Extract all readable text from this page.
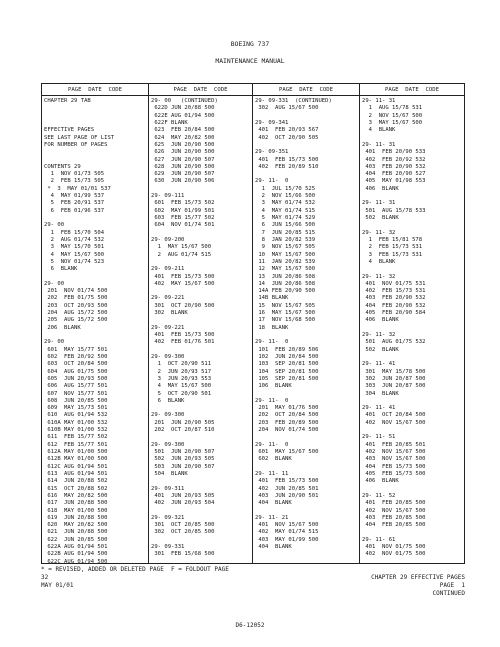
BOEING 737
MAINTENANCE MANUAL
PAGE  DATE  CODE
CHAPTER 29 TAB
EFFECTIVE PAGES
SEE LAST PAGE OF LIST
FOR NUMBER OF PAGES
CONTENTS 29
1  NOV 01/73 505
2  FEB 15/73 505
*  3  MAY 01/01 537
4  MAY 01/99 537
5  FEB 20/91 537
6  FEB 01/96 537
29- 00
1  FEB 15/70 504
2  AUG 01/74 532
3  MAY 15/70 501
4  MAY 15/67 500
5  NOV 01/74 523
6  BLANK
29- 00
201  NOV 01/74 500
202  FEB 01/75 500
203  OCT 20/93 500
204  AUG 15/72 500
205  AUG 15/72 500
206  BLANK
29- 00
601  MAY 15/77 501
602  FEB 20/92 500
603  OCT 20/84 500
604  AUG 01/75 500
605  JUN 20/93 500
606  AUG 15/77 501
607  NOV 15/77 501
608  JUN 20/85 500
609  MAY 15/73 501
610  AUG 01/94 532
610A MAY 01/00 532
610B MAY 01/00 532
611  FEB 15/77 502
612  FEB 15/77 501
612A MAY 01/00 500
612B MAY 01/00 500
612C AUG 01/94 501
613  AUG 01/94 501
614  JUN 20/88 502
615  OCT 20/88 502
616  MAY 20/82 500
617  JUN 20/88 500
618  MAY 01/00 500
619  JUN 20/88 500
620  MAY 20/82 500
621  JUN 20/88 500
622  JUN 20/85 500
622A AUG 01/94 501
622B AUG 01/94 500
622C AUG 01/94 500
PAGE  DATE  CODE
29- 00   (CONTINUED)
622D JUN 20/88 500
622E AUG 01/94 500
622F BLANK
623  FEB 20/84 500
624  MAY 20/82 500
625  JUN 20/90 500
626  JUN 20/90 500
627  JUN 20/90 507
628  JUN 20/90 500
629  JUN 20/90 507
630  JUN 20/90 506
29- 09-111
601  FEB 15/73 502
602  MAY 01/99 501
603  FEB 15/77 502
604  NOV 01/74 501
29- 09-200
1  MAY 15/67 500
2  AUG 01/74 515
29- 09-211
401  FEB 15/73 500
402  MAY 15/67 500
29- 09-221
301  OCT 20/90 500
302  BLANK
29- 09-221
401  FEB 15/73 500
402  FEB 01/76 501
29- 09-300
1  OCT 20/90 511
2  JUN 20/93 517
3  JUN 20/93 553
4  MAY 15/67 500
5  OCT 20/90 501
6  BLANK
29- 09-300
201  JUN 20/90 505
202  OCT 20/87 510
29- 09-300
501  JUN 20/90 507
502  JUN 20/93 505
503  JUN 20/90 507
504  BLANK
29- 09-311
401  JUN 20/93 505
402  JUN 20/93 504
29- 09-321
301  OCT 20/85 500
302  OCT 20/85 500
29- 09-331
301  FEB 15/68 500
PAGE  DATE  CODE
29- 09-331  (CONTINUED)
302  AUG 15/67 500
29- 09-341
401  FEB 20/93 567
402  OCT 20/90 505
29- 09-351
401  FEB 15/73 500
402  FEB 20/89 510
29- 11-  0
1  JUL 15/70 525
2  NOV 15/66 500
3  MAY 01/74 532
4  MAY 01/74 515
5  MAY 01/74 529
6  JUN 15/66 500
7  JUN 20/85 515
8  JAN 20/82 539
9  NOV 15/67 505
10  MAY 15/67 500
11  JAN 20/82 539
12  MAY 15/67 500
13  JUN 20/86 508
14  JUN 20/86 508
14A FEB 20/90 500
14B BLANK
15  NOV 15/67 505
16  MAY 15/67 500
17  NOV 15/68 500
18  BLANK
29- 11-  0
101  FEB 20/89 506
102  JUN 20/84 500
103  SEP 20/81 500
104  SEP 20/81 500
105  SEP 20/81 500
106  BLANK
29- 11-  0
201  MAY 01/76 500
202  OCT 20/84 500
203  FEB 20/89 500
204  NOV 01/74 500
29- 11-  0
601  MAY 15/67 500
602  BLANK
29- 11- 11
401  FEB 15/73 500
402  JUN 20/85 501
403  JUN 20/90 501
404  BLANK
29- 11- 21
401  NOV 15/67 500
402  MAY 01/74 515
403  MAY 01/99 500
404  BLANK
PAGE  DATE  CODE
29- 11- 31
1  AUG 15/78 531
2  NOV 15/67 500
3  MAY 15/67 500
4  BLANK
29- 11- 31
401  FEB 20/90 533
402  FEB 20/92 532
403  FEB 20/90 532
404  FEB 20/90 527
405  MAY 01/98 553
406  BLANK
29- 11- 31
501  AUG 15/78 533
502  BLANK
29- 11- 32
1  FEB 15/81 578
2  FEB 15/73 531
3  FEB 15/73 531
4  BLANK
29- 11- 32
401  NOV 01/75 531
402  FEB 15/73 531
403  FEB 20/90 532
404  FEB 20/90 532
405  FEB 20/90 584
406  BLANK
29- 11- 32
501  AUG 01/75 532
502  BLANK
29- 11- 41
301  MAY 15/78 500
302  JUN 20/87 500
303  JUN 20/87 500
304  BLANK
29- 11- 41
401  OCT 20/84 500
402  NOV 15/67 500
29- 11- 51
401  FEB 20/85 501
402  NOV 15/67 500
403  NOV 15/67 500
404  FEB 15/73 500
405  FEB 15/73 500
406  BLANK
29- 11- 52
401  FEB 20/85 500
402  NOV 15/67 500
403  FEB 20/85 500
404  FEB 20/85 500
29- 11- 61
401  NOV 01/75 500
402  NOV 01/75 500
* = REVISED, ADDED OR DELETED PAGE  F = FOLDOUT PAGE
32
MAY 01/01
CHAPTER 29 EFFECTIVE PAGES
PAGE  1
CONTINUED
D6-12052
